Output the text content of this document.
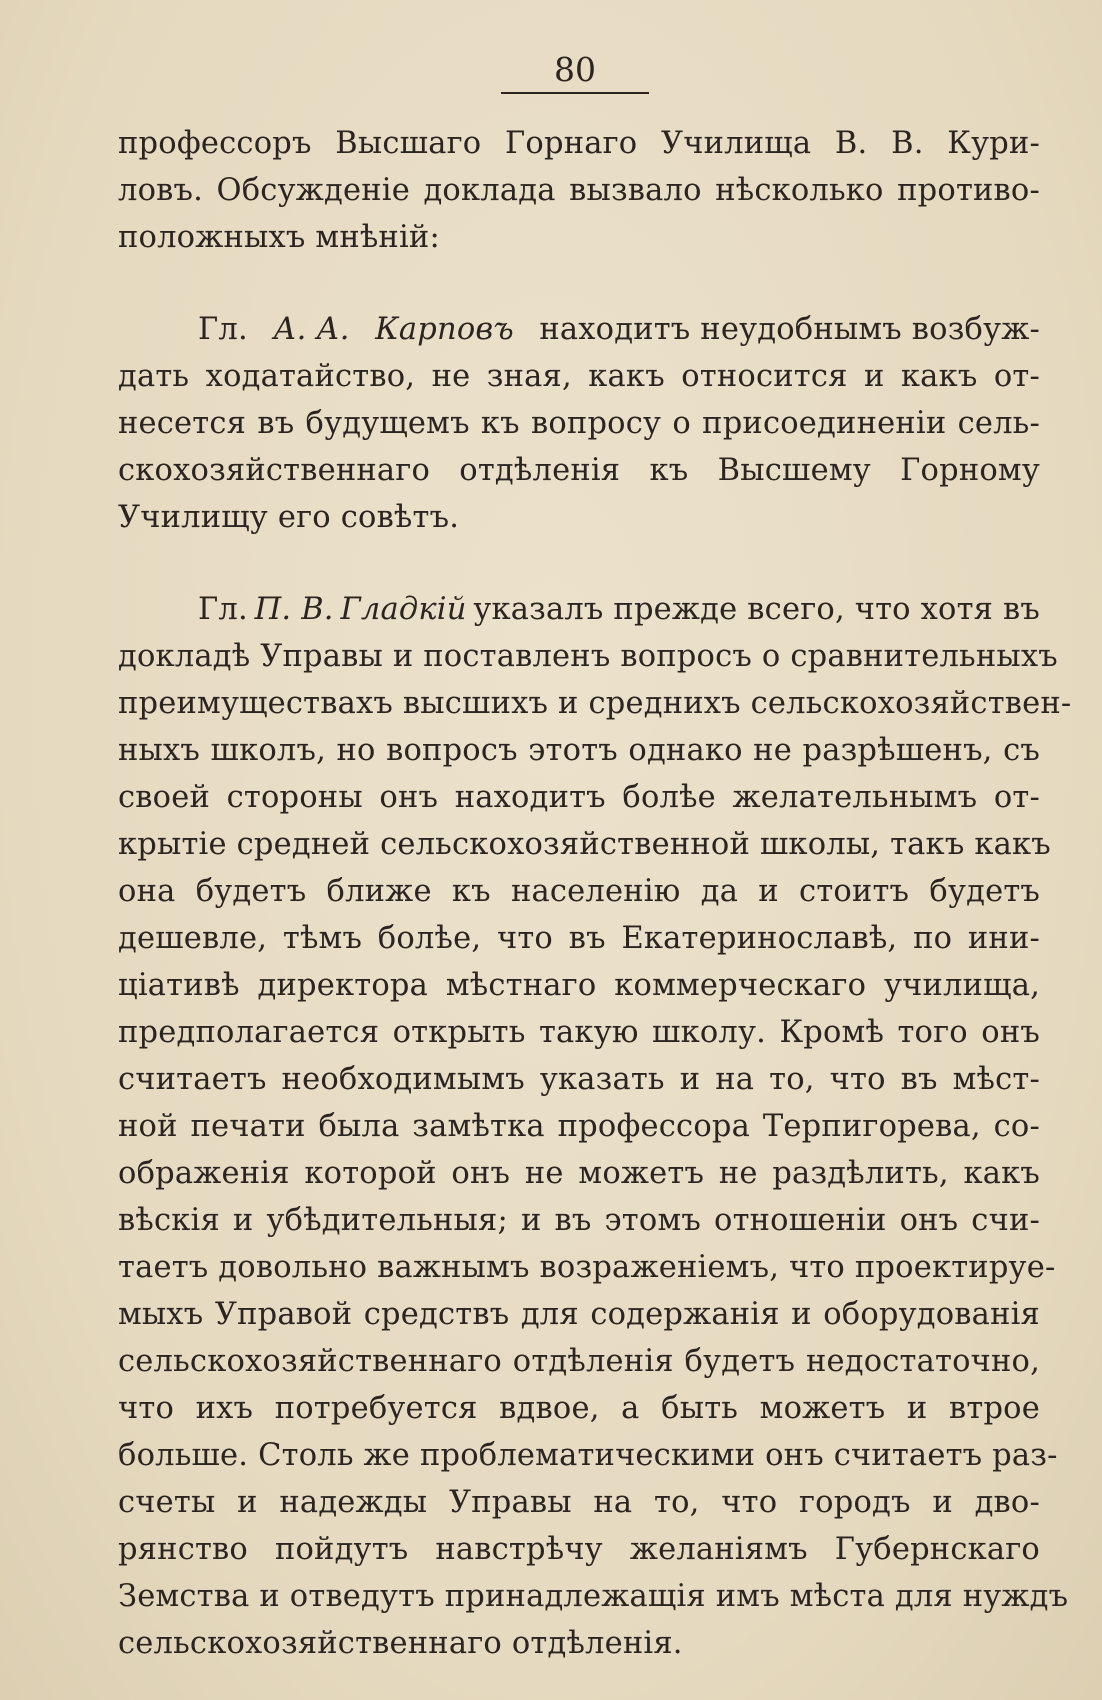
80
профессоръ Высшаго Горнаго Училища В. В. Кури-
ловъ. Обсужденіе доклада вызвало нѣсколько противо-
положныхъ мнѣній:
Гл. А. А. Карповъ находитъ неудобнымъ возбуж-
дать ходатайство, не зная, какъ относится и какъ от-
несется въ будущемъ къ вопросу о присоединеніи сель-
скохозяйственнаго отдѣленія къ Высшему Горному
Училищу его совѣтъ.
Гл. П. В. Гладкій указалъ прежде всего, что хотя въ
докладѣ Управы и поставленъ вопросъ о сравнительныхъ
преимуществахъ высшихъ и среднихъ сельскохозяйствен-
ныхъ школъ, но вопросъ этотъ однако не разрѣшенъ, съ
своей стороны онъ находитъ болѣе желательнымъ от-
крытіе средней сельскохозяйственной школы, такъ какъ
она будетъ ближе къ населенію да и стоитъ будетъ
дешевле, тѣмъ болѣе, что въ Екатеринославѣ, по ини-
ціативѣ директора мѣстнаго коммерческаго училища,
предполагается открыть такую школу. Кромѣ того онъ
считаетъ необходимымъ указать и на то, что въ мѣст-
ной печати была замѣтка профессора Терпигорева, со-
ображенія которой онъ не можетъ не раздѣлить, какъ
вѣскія и убѣдительныя; и въ этомъ отношеніи онъ счи-
таетъ довольно важнымъ возраженіемъ, что проектируе-
мыхъ Управой средствъ для содержанія и оборудованія
сельскохозяйственнаго отдѣленія будетъ недостаточно,
что ихъ потребуется вдвое, а быть можетъ и втрое
больше. Столь же проблематическими онъ считаетъ раз-
счеты и надежды Управы на то, что городъ и дво-
рянство пойдутъ навстрѣчу желаніямъ Губернскаго
Земства и отведутъ принадлежащія имъ мѣста для нуждъ
сельскохозяйственнаго отдѣленія.
